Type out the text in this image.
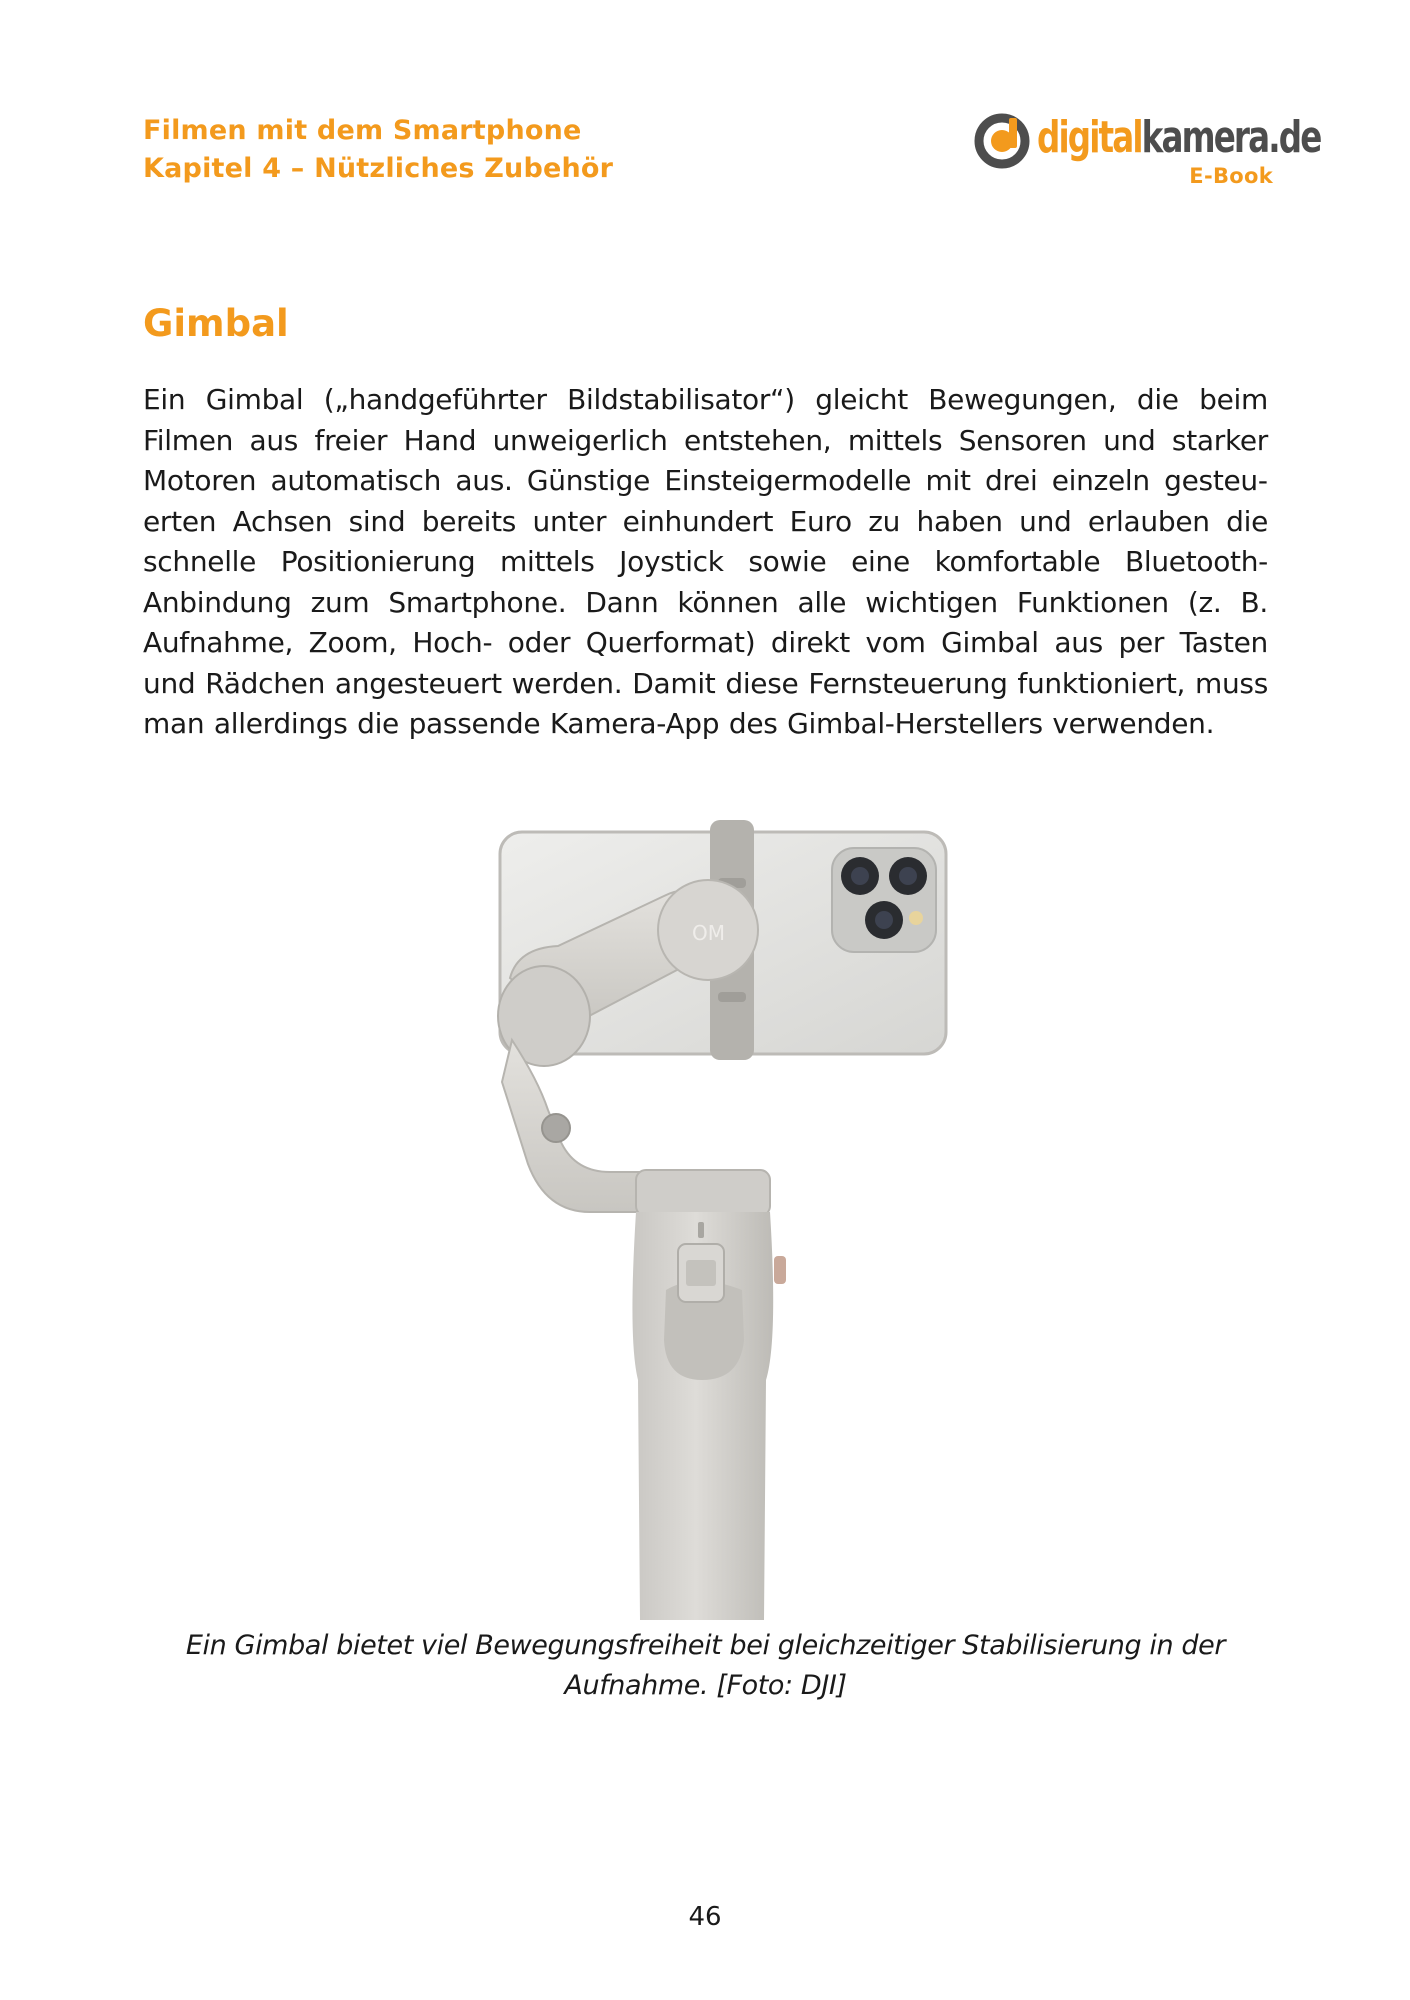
Filmen mit dem Smartphone
Kapitel 4 – Nützliches Zubehör
digitalkamera.de
E-Book
Gimbal

Ein Gimbal („handgeführter Bildstabilisator“) gleicht Bewegungen, die beim Filmen aus freier Hand unweigerlich entstehen, mittels Sensoren und starker Motoren automatisch aus. Günstige Einsteigermodelle mit drei einzeln gesteuerten Achsen sind bereits unter einhundert Euro zu haben und erlauben die schnelle Positionierung mittels Joystick sowie eine komfortable Bluetooth-Anbindung zum Smartphone. Dann können alle wichtigen Funktionen (z. B. Aufnahme, Zoom, Hoch- oder Querformat) direkt vom Gimbal aus per Tasten und Rädchen angesteuert werden. Damit diese Fernsteuerung funktioniert, muss man allerdings die passende Kamera-App des Gimbal-Herstellers verwenden.

OM

Ein Gimbal bietet viel Bewegungsfreiheit bei gleichzeitiger Stabilisierung in der Aufnahme. [Foto: DJI]

46
